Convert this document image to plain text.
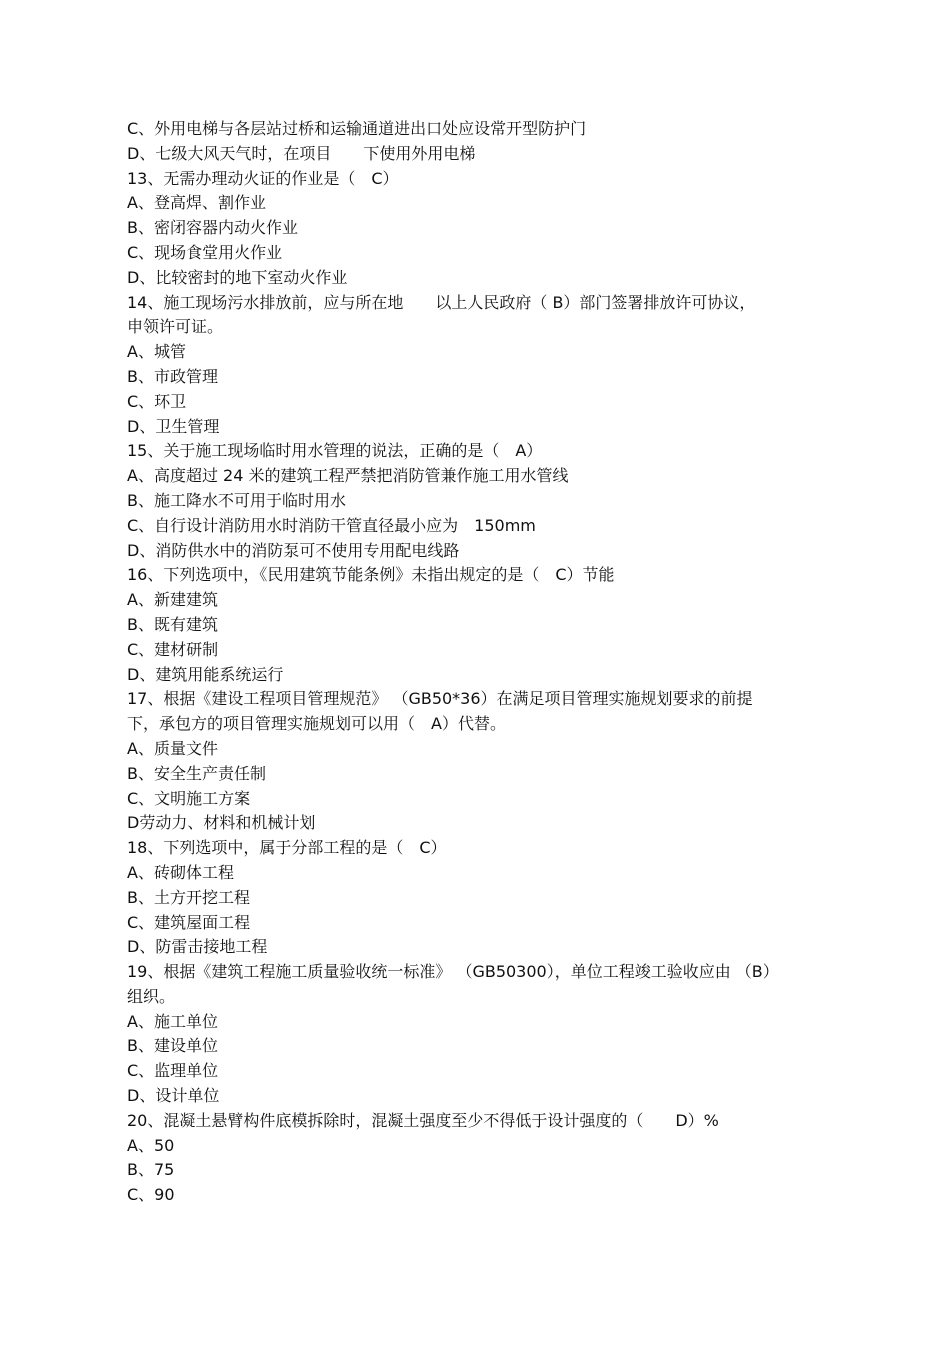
C、外用电梯与各层站过桥和运输通道进出口处应设常开型防护门
D、七级大风天气时，在项目　　下使用外用电梯
13、无需办理动火证的作业是（　C）
A、登高焊、割作业
B、密闭容器内动火作业
C、现场食堂用火作业
D、比较密封的地下室动火作业
14、施工现场污水排放前，应与所在地　　以上人民政府（ B）部门签署排放许可协议，
申领许可证。
A、城管
B、市政管理
C、环卫
D、卫生管理
15、关于施工现场临时用水管理的说法，正确的是（　A）
A、高度超过 24 米的建筑工程严禁把消防管兼作施工用水管线
B、施工降水不可用于临时用水
C、自行设计消防用水时消防干管直径最小应为　150mm
D、消防供水中的消防泵可不使用专用配电线路
16、下列选项中，《民用建筑节能条例》未指出规定的是（　C）节能
A、新建建筑
B、既有建筑
C、建材研制
D、建筑用能系统运行
17、根据《建设工程项目管理规范》 （GB50*36）在满足项目管理实施规划要求的前提
下，承包方的项目管理实施规划可以用（　A）代替。
A、质量文件
B、安全生产责任制
C、文明施工方案
D劳动力、材料和机械计划
18、下列选项中，属于分部工程的是（　C）
A、砖砌体工程
B、土方开挖工程
C、建筑屋面工程
D、防雷击接地工程
19、根据《建筑工程施工质量验收统一标准》 （GB50300），单位工程竣工验收应由 （B）
组织。
A、施工单位
B、建设单位
C、监理单位
D、设计单位
20、混凝土悬臂构件底模拆除时，混凝土强度至少不得低于设计强度的（　　D）%
A、50
B、75
C、90
